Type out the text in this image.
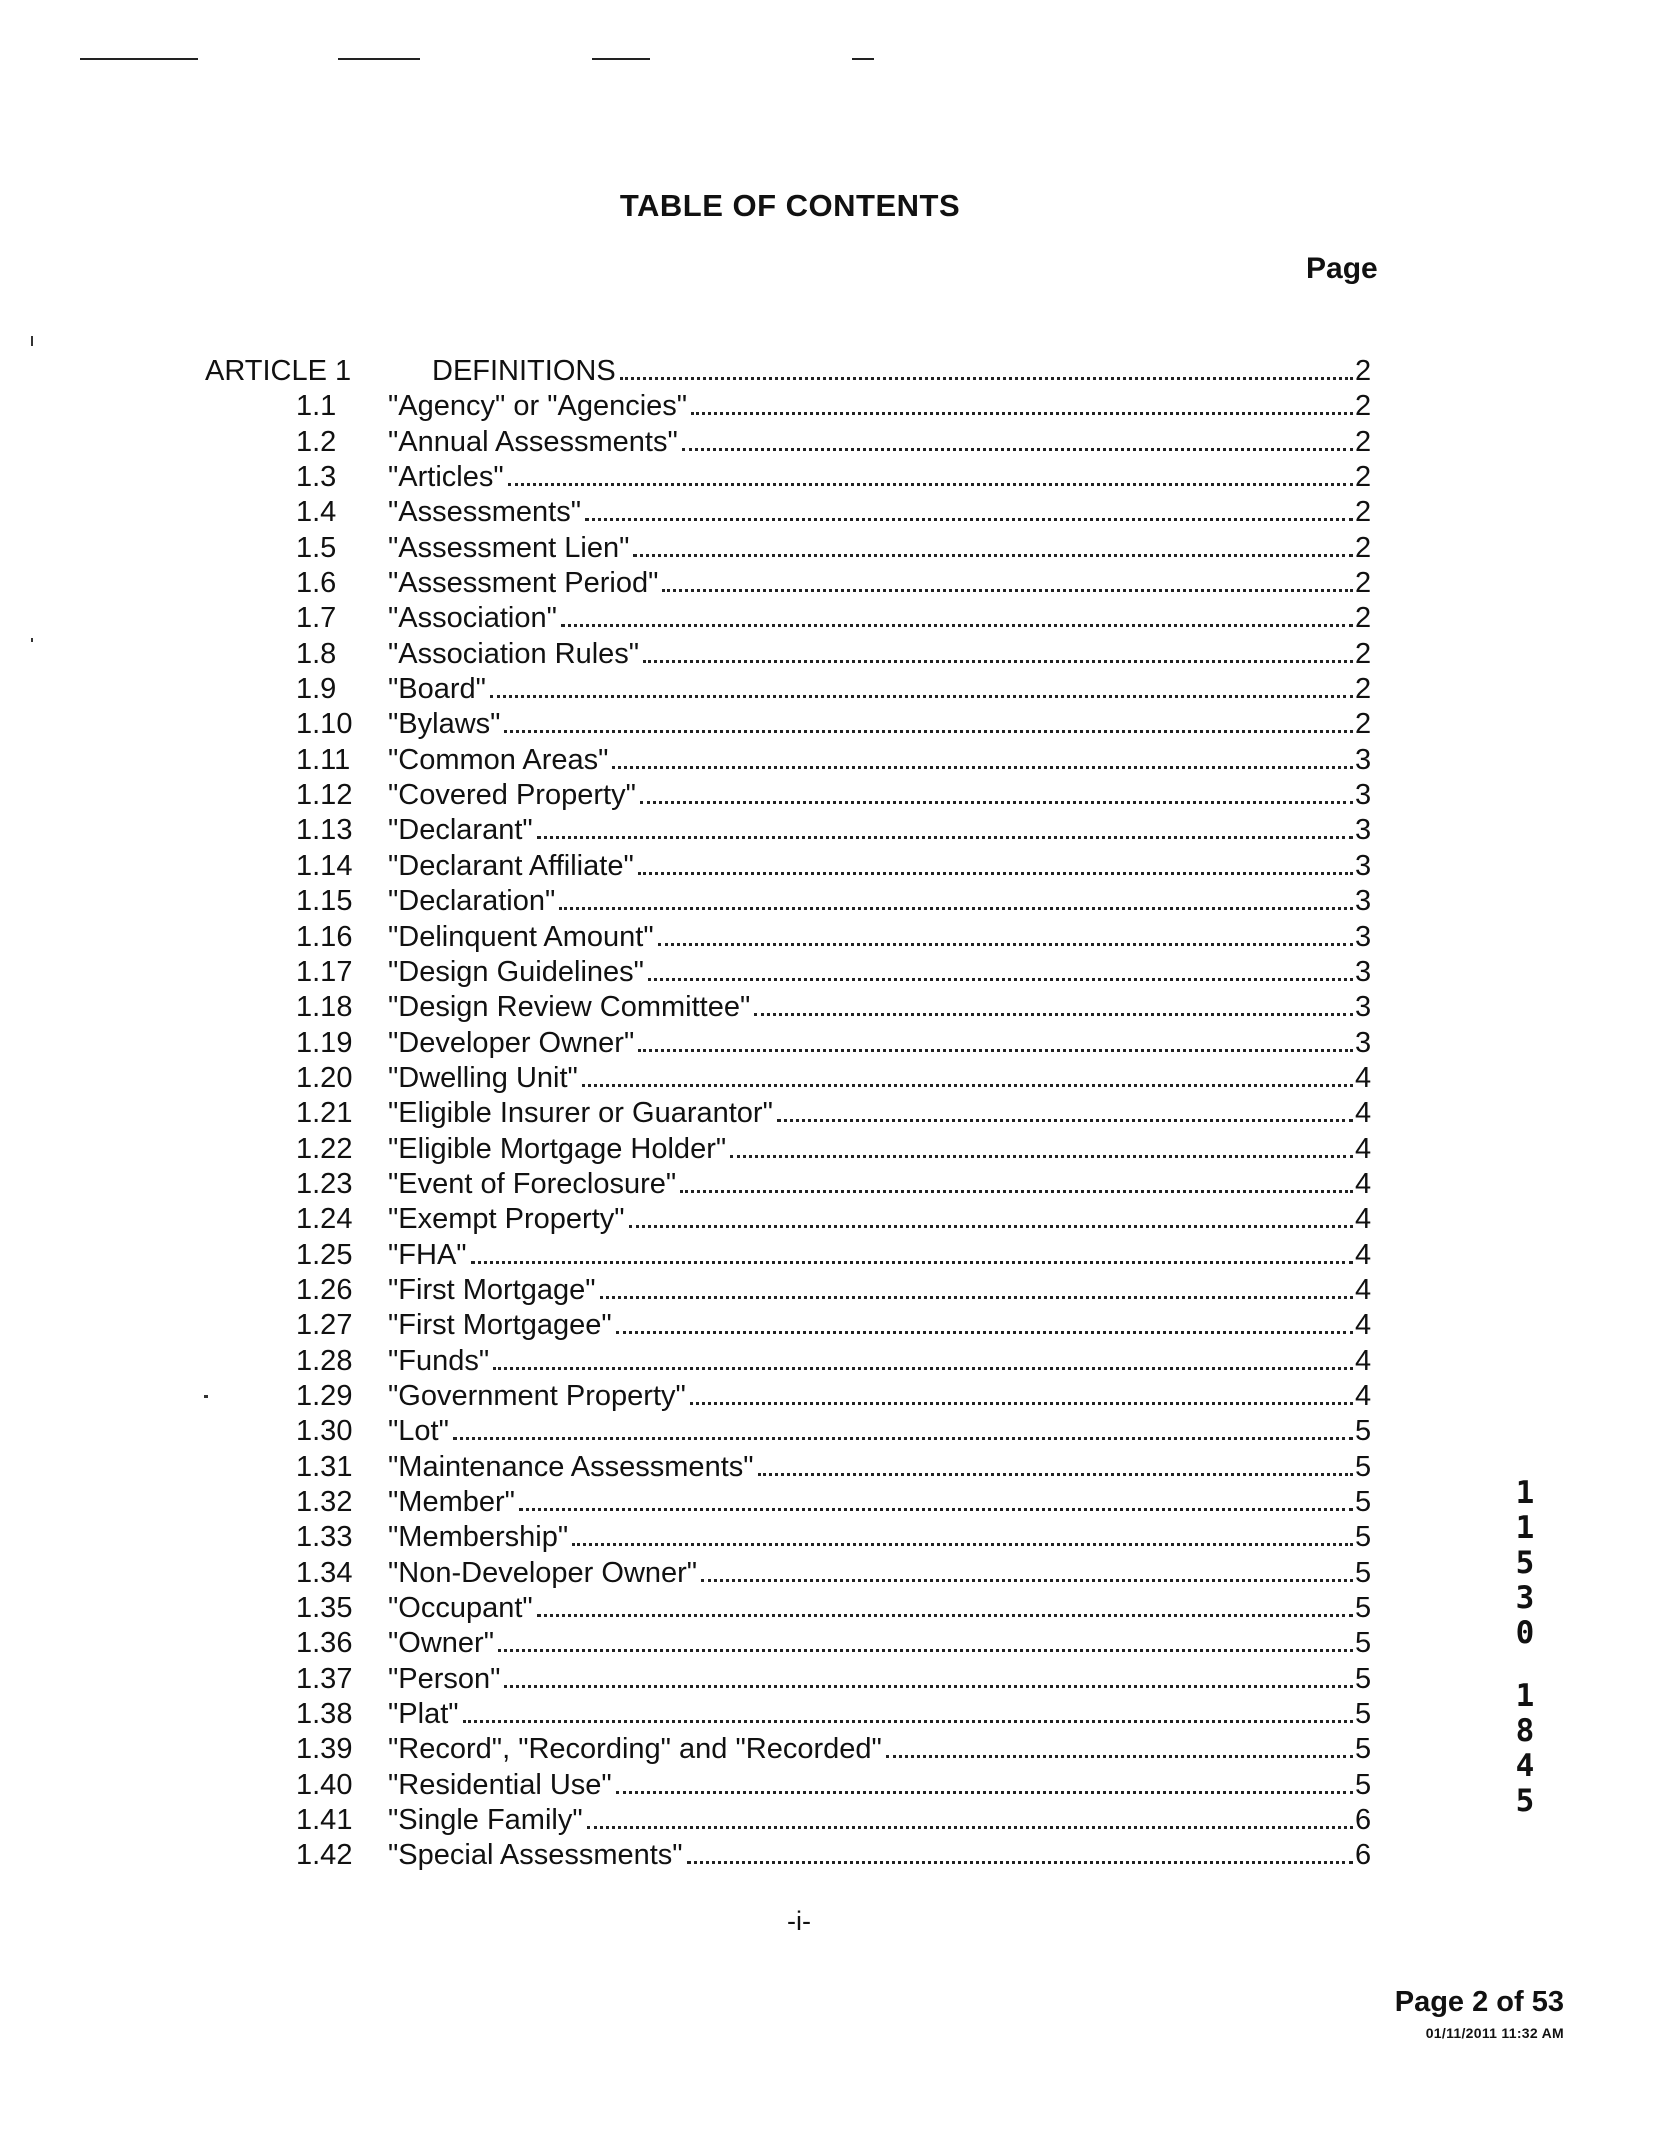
TABLE OF CONTENTS
Page
ARTICLE 1	DEFINITIONS	2
1.1	"Agency" or "Agencies"	2
1.2	"Annual Assessments"	2
1.3	"Articles"	2
1.4	"Assessments"	2
1.5	"Assessment Lien"	2
1.6	"Assessment Period"	2
1.7	"Association"	2
1.8	"Association Rules"	2
1.9	"Board"	2
1.10 "Bylaws"	2
1.11	"Common Areas"	3
1.12 "Covered Property"	3
1.13 "Declarant"	3
1.14 "Declarant Affiliate"	3
1.15 "Declaration"	3
1.16 "Delinquent Amount"	3
1.17 "Design Guidelines"	3
1.18 "Design Review Committee"	3
1.19 "Developer Owner"	3
1.20 "Dwelling Unit"	4
1.21 "Eligible Insurer or Guarantor"	4
1.22 "Eligible Mortgage Holder"	4
1.23 "Event of Foreclosure"	4
1.24 "Exempt Property"	4
1.25 "FHA"	4
1.26 "First Mortgage"	4
1.27 "First Mortgagee"	4
1.28 "Funds"	4
1.29 "Government Property"	4
1.30 "Lot"	5
1.31 "Maintenance Assessments"	5
1.32 "Member"	5
1.33 "Membership"	5
1.34 "Non-Developer Owner"	5
1.35 "Occupant"	5
1.36 "Owner"	5
1.37 "Person"	5
1.38 "Plat"	5
1.39 "Record", "Recording" and "Recorded"	5
1.40 "Residential Use"	5
1.41 "Single Family"	6
1.42 "Special Assessments"	6
-i-
Page 2 of 53
01/11/2011 11:32 AM
1
1
5
3
0
1
8
4
5
